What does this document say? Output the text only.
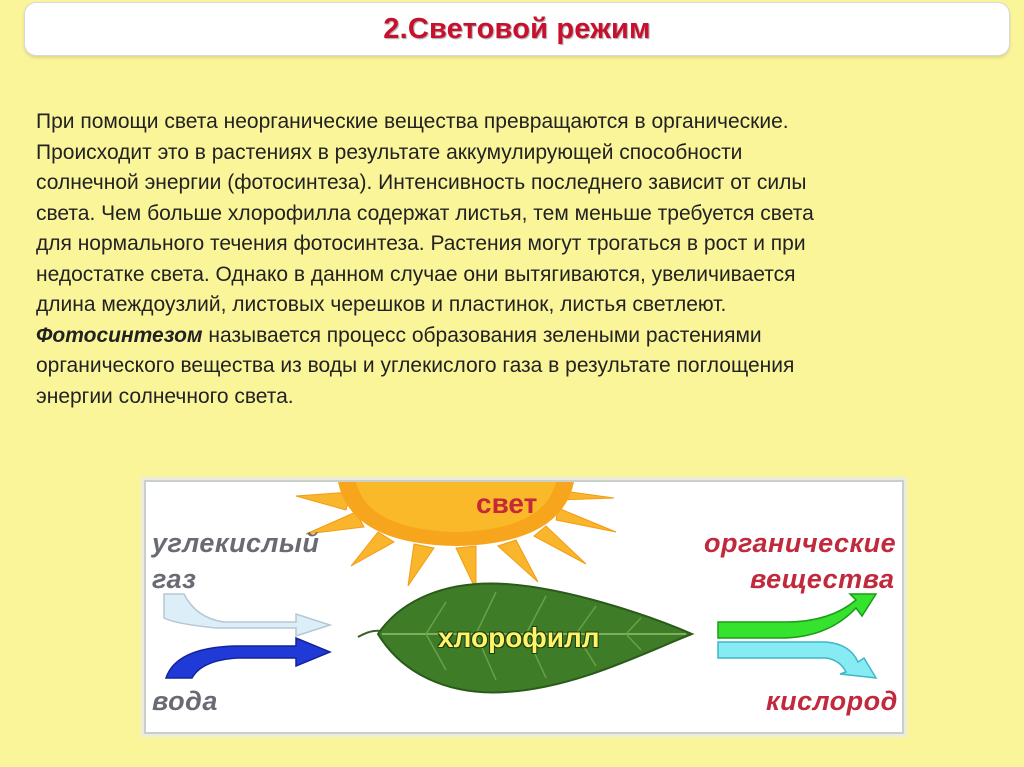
2.Световой режим
При помощи света неорганические вещества превращаются в органические.
Происходит это в растениях в результате аккумулирующей способности
солнечной энергии (фотосинтеза). Интенсивность последнего зависит от силы
света. Чем больше хлорофилла содержат листья, тем меньше требуется света
для нормального течения фотосинтеза. Растения могут трогаться в рост и при
недостатке света. Однако в данном случае они вытягиваются, увеличивается
длина междоузлий, листовых черешков и пластинок, листья светлеют.
Фотосинтезом называется процесс образования зелеными растениями
органического вещества из воды и углекислого газа в результате поглощения
энергии солнечного света.
свет
хлорофилл
углекислый
газ
вода
органические
вещества
кислород
